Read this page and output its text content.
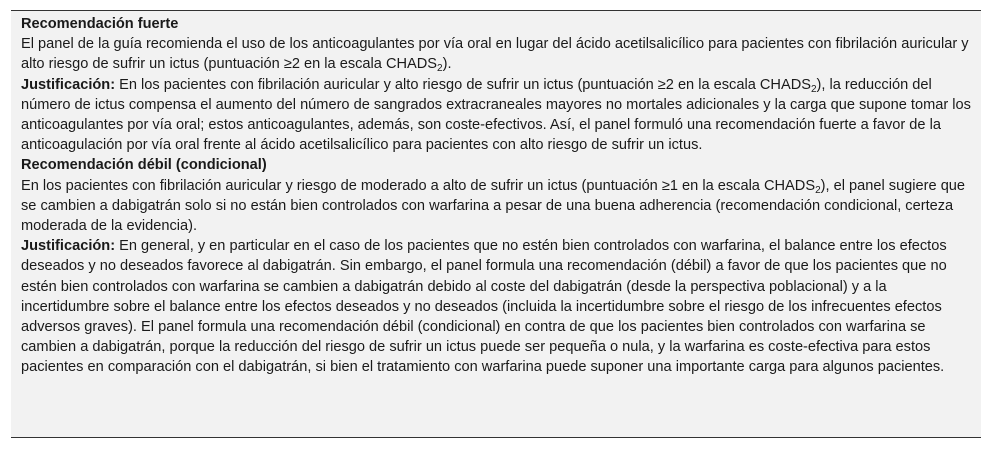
Recomendación fuerte

El panel de la guía recomienda el uso de los anticoagulantes por vía oral en lugar del ácido acetilsalicílico para pacientes con fibrilación auricular y alto riesgo de sufrir un ictus (puntuación ≥2 en la escala $CHADS_2$).

Justificación: En los pacientes con fibrilación auricular y alto riesgo de sufrir un ictus (puntuación ≥2 en la escala $CHADS_2$), la reducción del número de ictus compensa el aumento del número de sangrados extracraneales mayores no mortales adicionales y la carga que supone tomar los anticoagulantes por vía oral; estos anticoagulantes, además, son coste-efectivos. Así, el panel formuló una recomendación fuerte a favor de la anticoagulación por vía oral frente al ácido acetilsalicílico para pacientes con alto riesgo de sufrir un ictus.

Recomendación débil (condicional)

En los pacientes con fibrilación auricular y riesgo de moderado a alto de sufrir un ictus (puntuación ≥1 en la escala $CHADS_2$), el panel sugiere que se cambien a dabigatrán solo si no están bien controlados con warfarina a pesar de una buena adherencia (recomendación condicional, certeza moderada de la evidencia).

Justificación: En general, y en particular en el caso de los pacientes que no estén bien controlados con warfarina, el balance entre los efectos deseados y no deseados favorece al dabigatrán. Sin embargo, el panel formula una recomendación (débil) a favor de que los pacientes que no estén bien controlados con warfarina se cambien a dabigatrán debido al coste del dabigatrán (desde la perspectiva poblacional) y a la incertidumbre sobre el balance entre los efectos deseados y no deseados (incluida la incertidumbre sobre el riesgo de los infrecuentes efectos adversos graves). El panel formula una recomendación débil (condicional) en contra de que los pacientes bien controlados con warfarina se cambien a dabigatrán, porque la reducción del riesgo de sufrir un ictus puede ser pequeña o nula, y la warfarina es coste-efectiva para estos pacientes en comparación con el dabigatrán, si bien el tratamiento con warfarina puede suponer una importante carga para algunos pacientes.
